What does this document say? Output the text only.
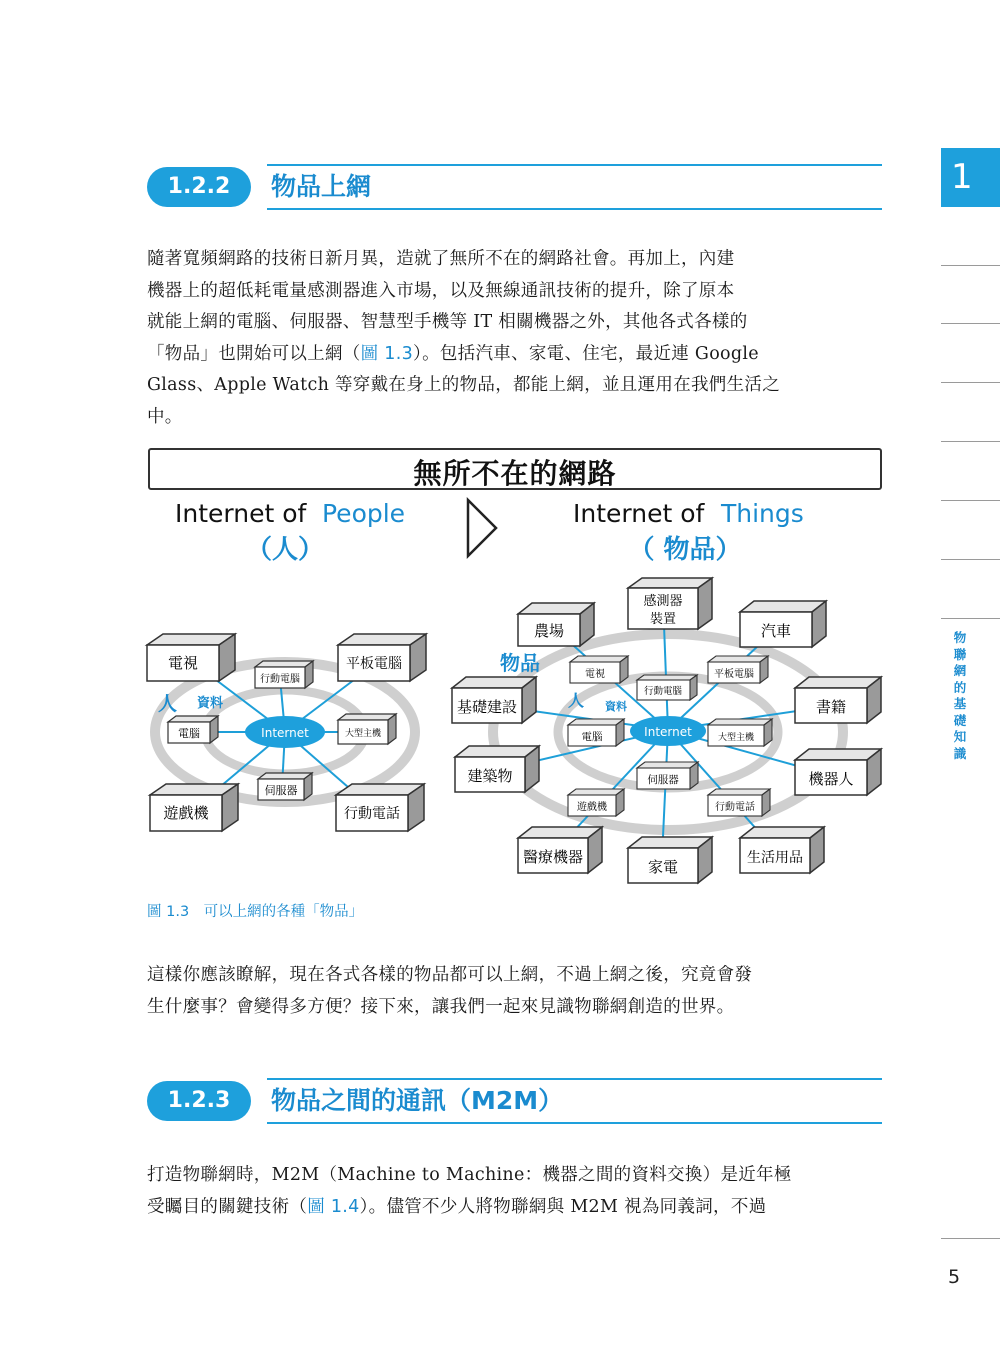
1.2.2	物品上網

隨著寬頻網路的技術日新月異，造就了無所不在的網路社會。再加上，內建

機器上的超低耗電量感測器進入市場，以及無線通訊技術的提升，除了原本

就能上網的電腦、伺服器、智慧型手機等 IT 相關機器之外，其他各式各樣的

「物品」也開始可以上網（圖 1.3）。包括汽車、家電、住宅，最近連 Google

Glass、Apple Watch 等穿戴在身上的物品，都能上網，並且運用在我們生活之

中。

無所不在的網路
Internet of People
（人）
Internet of Things
（ 物品）
Internet
人 資料
電視	平板電腦
遊戲機	行動電話
行動電腦
電腦	大型主機
伺服器
Internet
物品
人 資料
感測器
裝置
農場	汽車
基礎建設	書籍
建築物	機器人
醫療機器
家電	生活用品
電視	平板電腦
行動電腦
電腦	大型主機
伺服器
遊戲機	行動電話
圖 1.3　可以上網的各種「物品」

這樣你應該瞭解，現在各式各樣的物品都可以上網，不過上網之後，究竟會發

生什麼事？會變得多方便？接下來，讓我們一起來見識物聯網創造的世界。

1.2.3	物品之間的通訊（M2M）

打造物聯網時，M2M（Machine to Machine：機器之間的資料交換）是近年極

受矚目的關鍵技術（圖 1.4）。儘管不少人將物聯網與 M2M 視為同義詞，不過

1
物聯網的基礎知識
5
